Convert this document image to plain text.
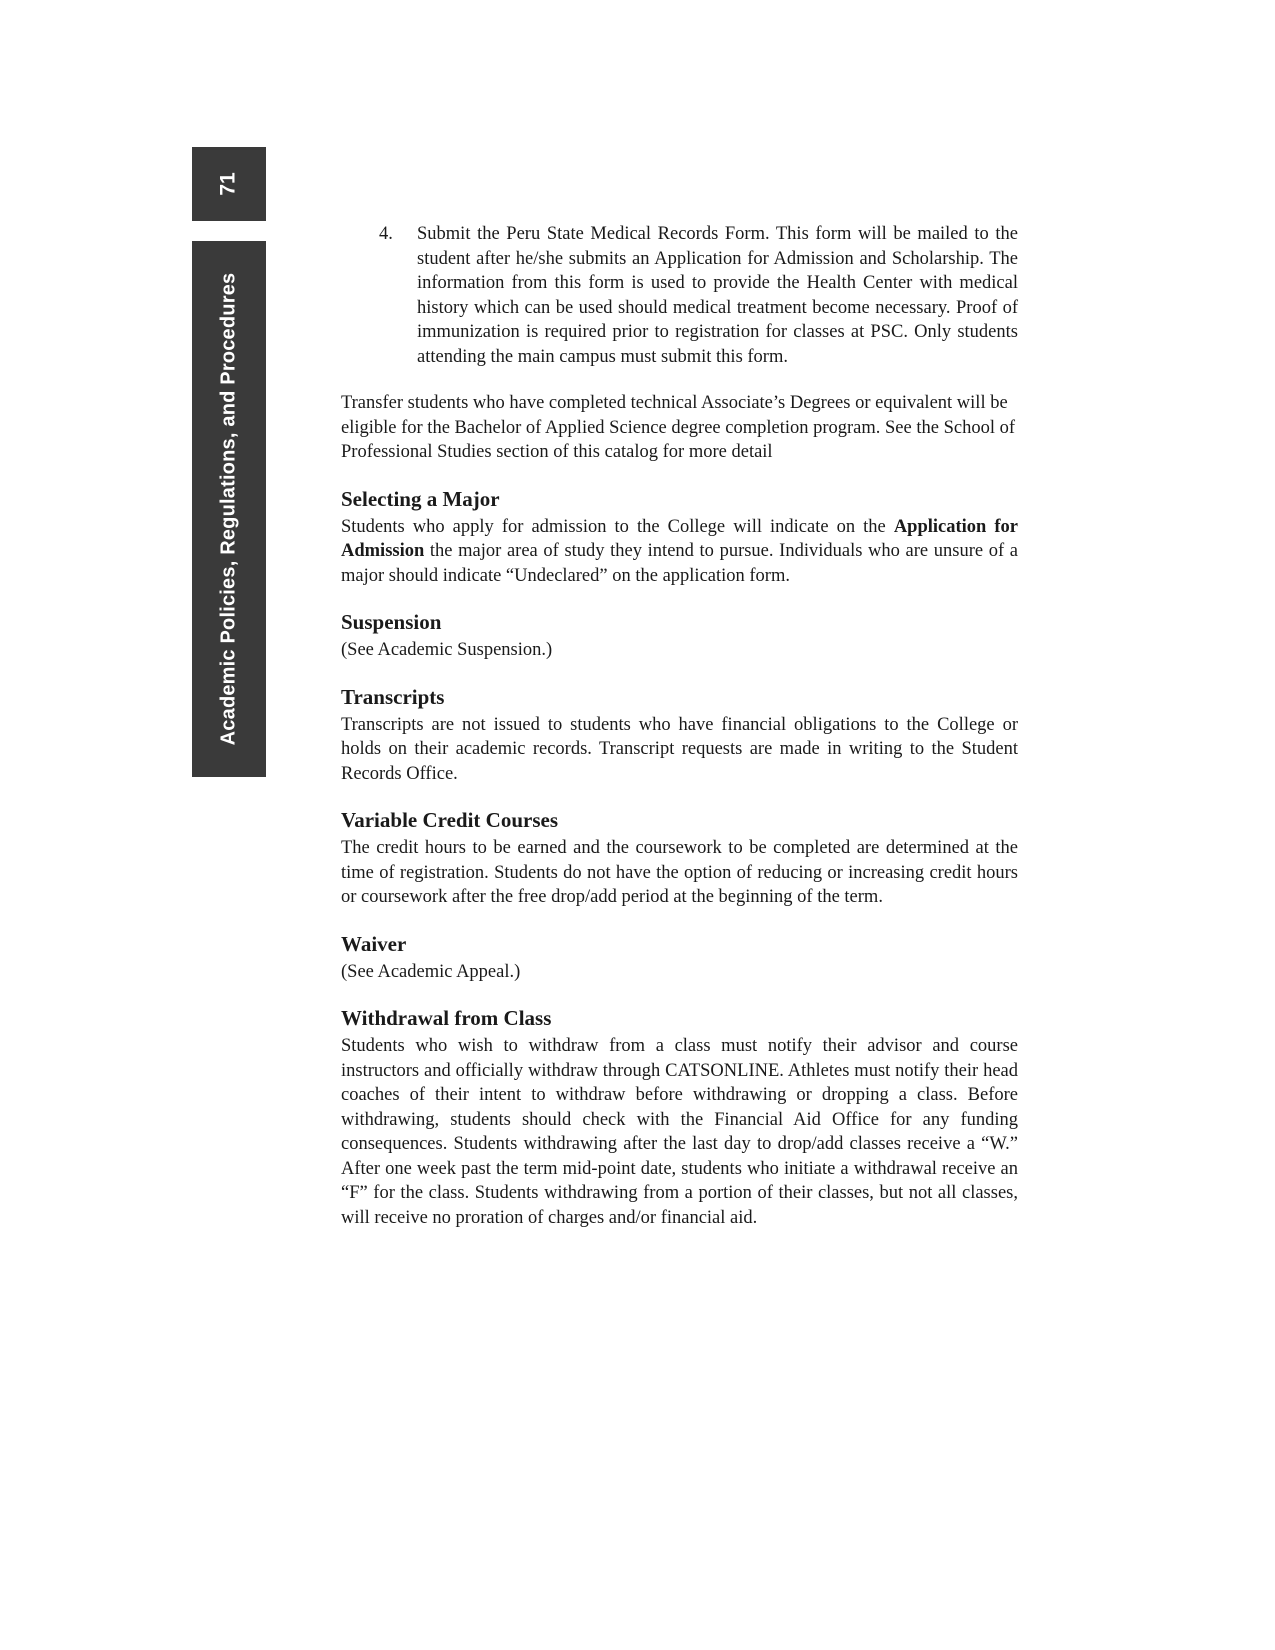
71
Academic Policies, Regulations, and Procedures
4. Submit the Peru State Medical Records Form. This form will be mailed to the student after he/she submits an Application for Admission and Scholarship. The information from this form is used to provide the Health Center with medical history which can be used should medical treatment become necessary. Proof of immunization is required prior to registration for classes at PSC. Only students attending the main campus must submit this form.

Transfer students who have completed technical Associate’s Degrees or equivalent will be eligible for the Bachelor of Applied Science degree completion program. See the School of Professional Studies section of this catalog for more detail

Selecting a Major

Students who apply for admission to the College will indicate on the Application for Admission the major area of study they intend to pursue. Individuals who are unsure of a major should indicate “Undeclared” on the application form.

Suspension

(See Academic Suspension.)

Transcripts

Transcripts are not issued to students who have financial obligations to the College or holds on their academic records. Transcript requests are made in writing to the Student Records Office.

Variable Credit Courses

The credit hours to be earned and the coursework to be completed are determined at the time of registration. Students do not have the option of reducing or increasing credit hours or coursework after the free drop/add period at the beginning of the term.

Waiver

(See Academic Appeal.)

Withdrawal from Class

Students who wish to withdraw from a class must notify their advisor and course instructors and officially withdraw through CATSONLINE. Athletes must notify their head coaches of their intent to withdraw before withdrawing or dropping a class. Before withdrawing, students should check with the Financial Aid Office for any funding consequences. Students withdrawing after the last day to drop/add classes receive a “W.” After one week past the term mid-point date, students who initiate a withdrawal receive an “F” for the class. Students withdrawing from a portion of their classes, but not all classes, will receive no proration of charges and/or financial aid.
